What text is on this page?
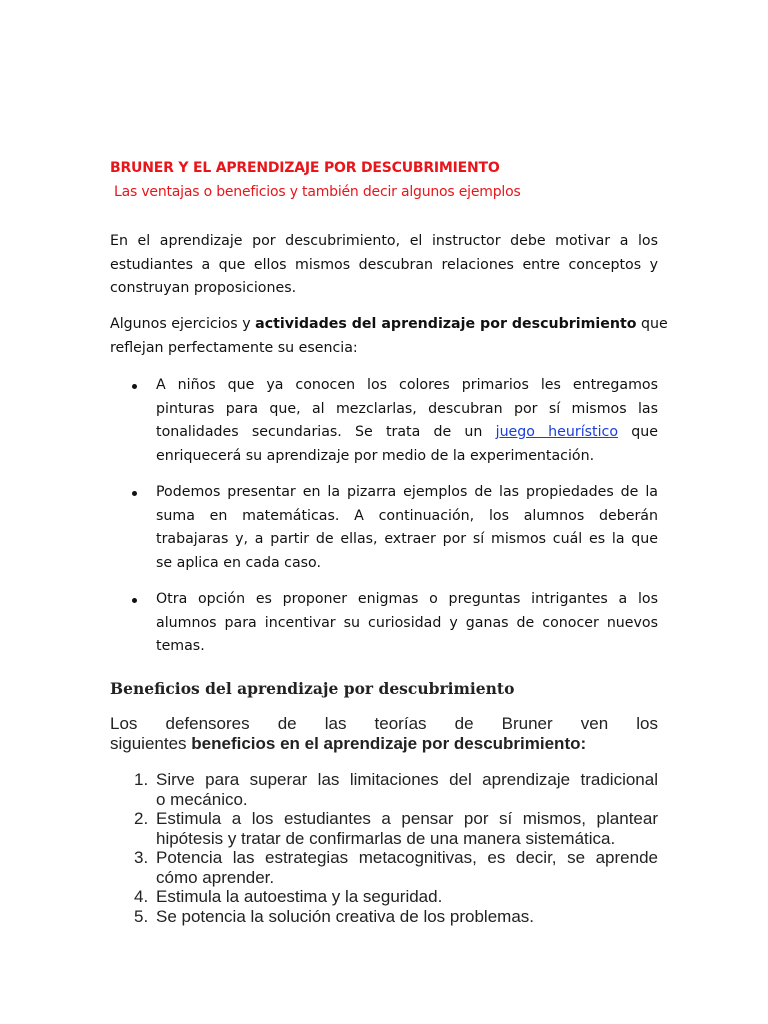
BRUNER Y EL APRENDIZAJE POR DESCUBRIMIENTO
Las ventajas o beneficios y también decir algunos ejemplos
En el aprendizaje por descubrimiento, el instructor debe motivar a los
estudiantes a que ellos mismos descubran relaciones entre conceptos y
construyan proposiciones.
Algunos ejercicios y actividades del aprendizaje por descubrimiento que
reflejan perfectamente su esencia:
A niños que ya conocen los colores primarios les entregamos
pinturas para que, al mezclarlas, descubran por sí mismos las
tonalidades secundarias. Se trata de un juego heurístico que
enriquecerá su aprendizaje por medio de la experimentación.
Podemos presentar en la pizarra ejemplos de las propiedades de la
suma en matemáticas. A continuación, los alumnos deberán
trabajaras y, a partir de ellas, extraer por sí mismos cuál es la que
se aplica en cada caso.
Otra opción es proponer enigmas o preguntas intrigantes a los
alumnos para incentivar su curiosidad y ganas de conocer nuevos
temas.
Beneficios del aprendizaje por descubrimiento
Los defensores de las teorías de Bruner ven los
siguientes beneficios en el aprendizaje por descubrimiento:
1. Sirve para superar las limitaciones del aprendizaje tradicional
o mecánico.
2. Estimula a los estudiantes a pensar por sí mismos, plantear
hipótesis y tratar de confirmarlas de una manera sistemática.
3. Potencia las estrategias metacognitivas, es decir, se aprende
cómo aprender.
4. Estimula la autoestima y la seguridad.
5. Se potencia la solución creativa de los problemas.
